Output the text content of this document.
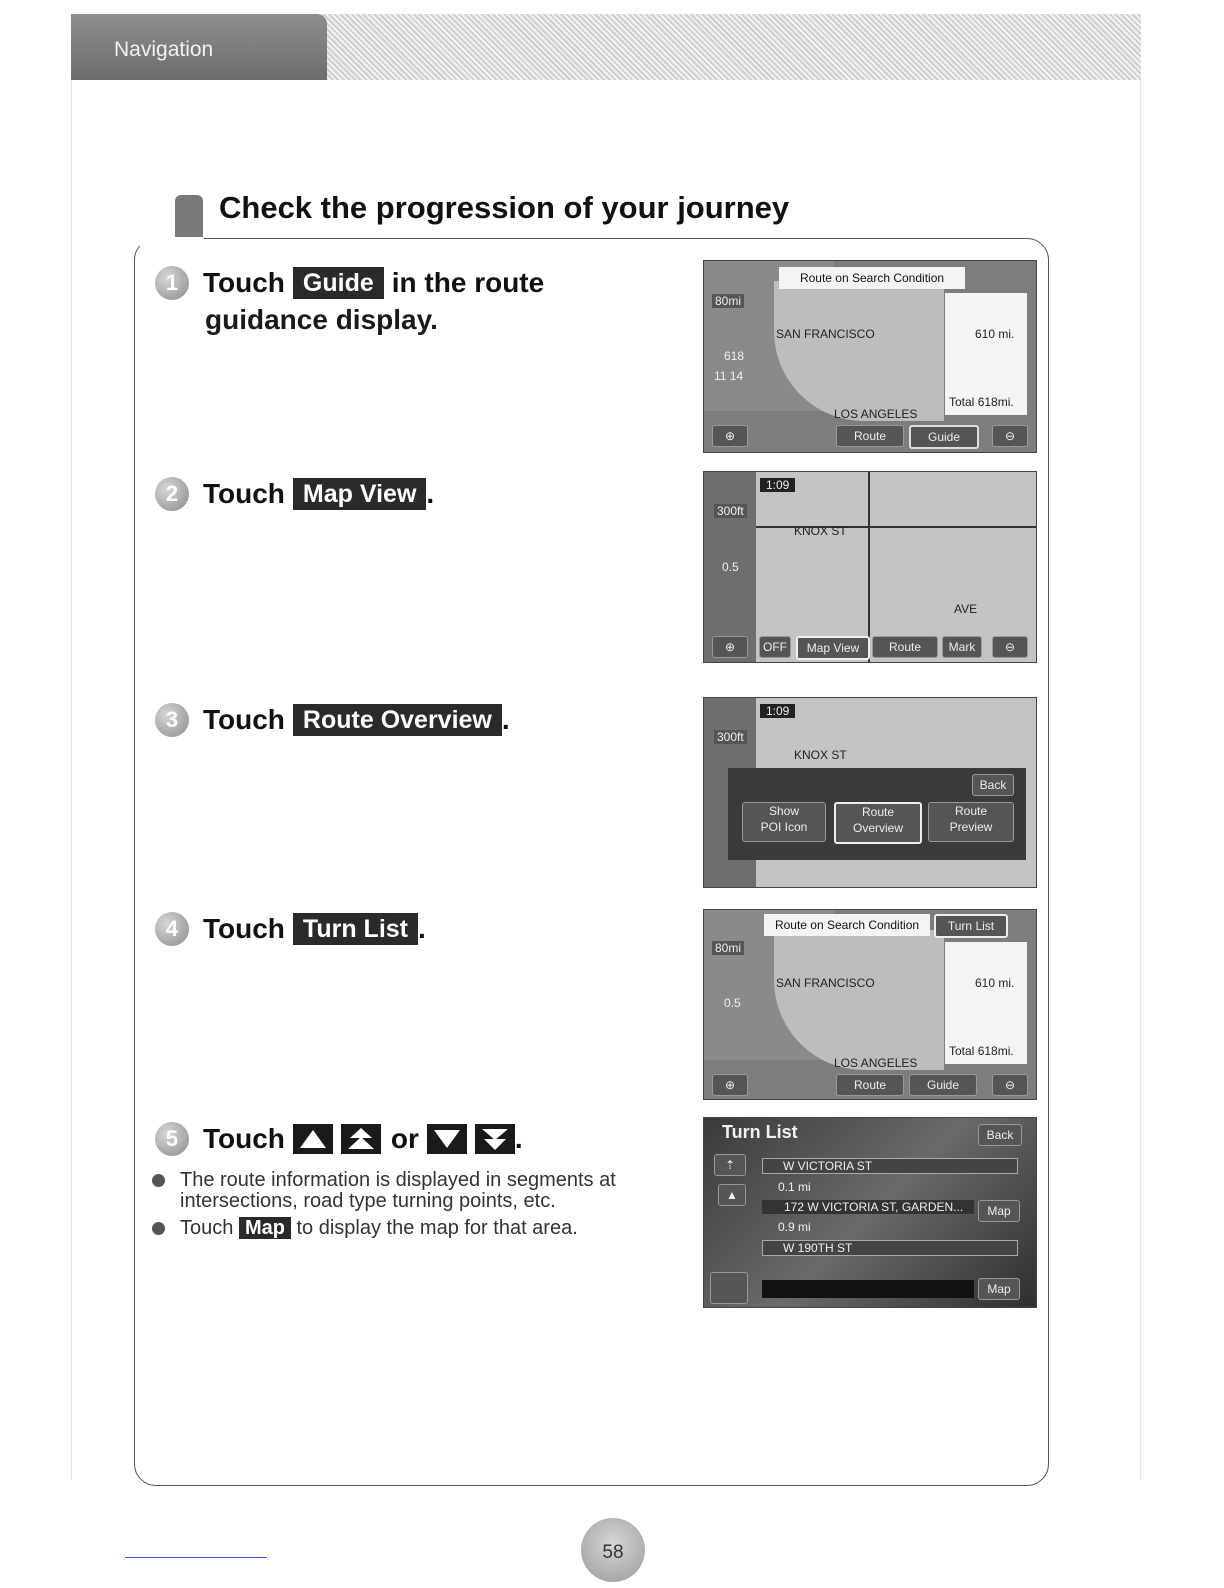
Navigation
Check the progression of your journey
1 Touch Guide in the route
guidance display.
2 Touch Map View .
3 Touch Route Overview .
4 Touch Turn List .
5 Touch	or	.
The route information is displayed in segments at intersections, road type turning points, etc.
Touch Map to display the map for that area.
Route on Search Condition
610 mi.
Total 618mi.
80mi
618
11 14
SAN FRANCISCO
LOS ANGELES
Route	Guide
⊕	⊖
1:09
300ft
KNOX ST
AVE
0.5
OFF	Map View	Route	Mark
⊕	⊖
1:09
300ft
KNOX ST
Back
Show
POI Icon
Route
Overview
Route
Preview
Route on Search Condition	Turn List
610 mi.
Total 618mi.
80mi
0.5
SAN FRANCISCO
LOS ANGELES
Route	Guide
⊕	⊖
Turn List	Back
⇡
▲
W VICTORIA ST
0.1 mi
172 W VICTORIA ST, GARDEN...	Map
0.9 mi
W 190TH ST
Map
58
